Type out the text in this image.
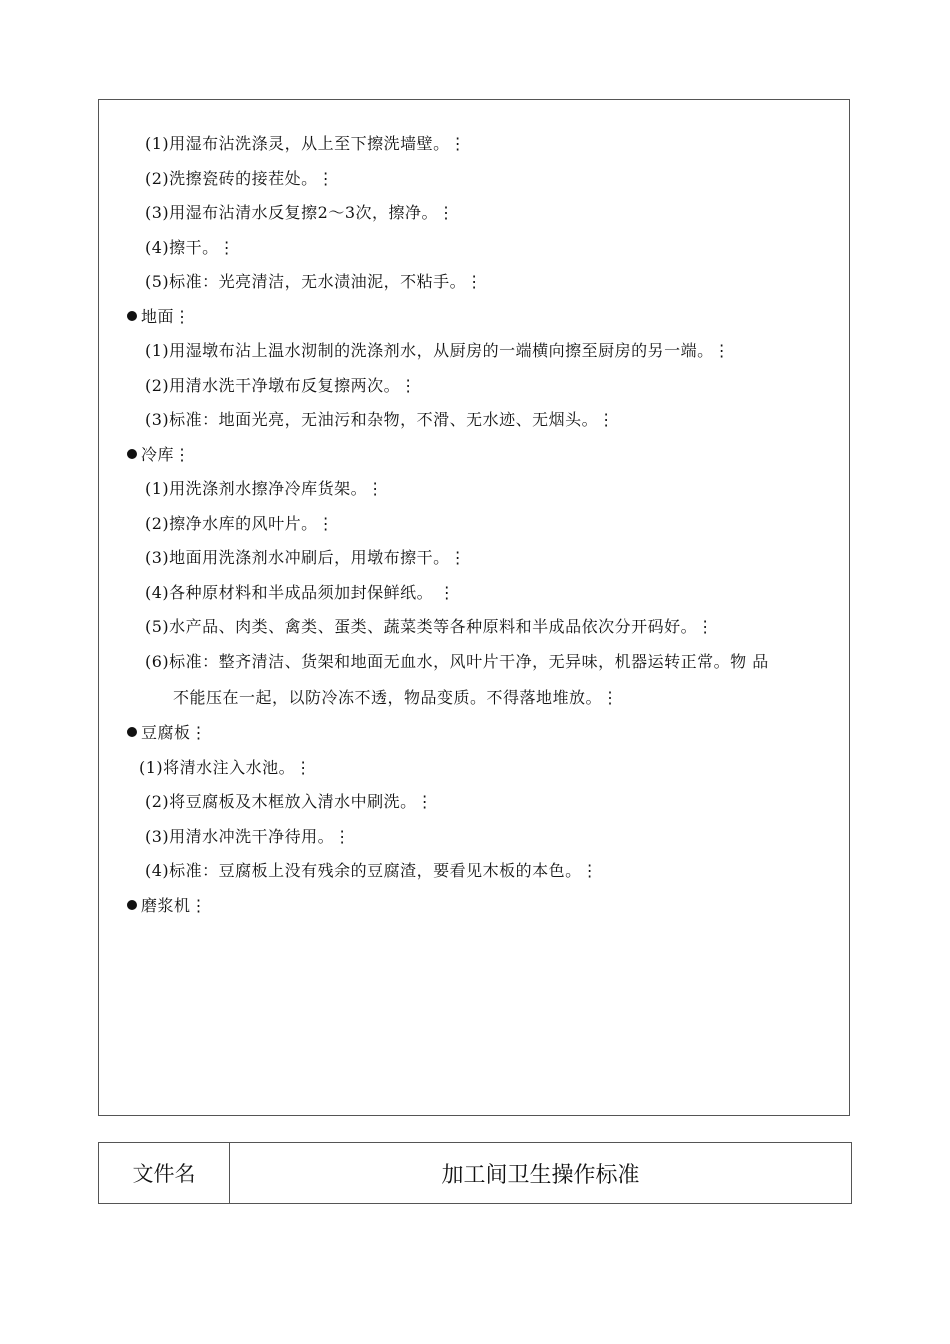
(1)用湿布沾洗涤灵，从上至下擦洗墙壁。⋮
(2)洗擦瓷砖的接茬处。⋮
(3)用湿布沾清水反复擦2～3次，擦净。⋮
(4)擦干。⋮
(5)标准：光亮清洁，无水渍油泥，不粘手。⋮
地面⋮
(1)用湿墩布沾上温水沏制的洗涤剂水，从厨房的一端横向擦至厨房的另一端。⋮
(2)用清水洗干净墩布反复擦两次。⋮
(3)标准：地面光亮，无油污和杂物，不滑、无水迹、无烟头。⋮
冷库⋮
(1)用洗涤剂水擦净冷库货架。⋮
(2)擦净水库的风叶片。⋮
(3)地面用洗涤剂水冲刷后，用墩布擦干。⋮
(4)各种原材料和半成品须加封保鲜纸。 ⋮
(5)水产品、肉类、禽类、蛋类、蔬菜类等各种原料和半成品依次分开码好。⋮
(6)标准：整齐清洁、货架和地面无血水，风叶片干净，无异味，机器运转正常。物 品
不能压在一起，以防冷冻不透，物品变质。不得落地堆放。⋮
豆腐板⋮
(1)将清水注入水池。⋮
(2)将豆腐板及木框放入清水中刷洗。⋮
(3)用清水冲洗干净待用。⋮
(4)标准：豆腐板上没有残余的豆腐渣，要看见木板的本色。⋮
磨浆机⋮
文件名	加工间卫生操作标准
